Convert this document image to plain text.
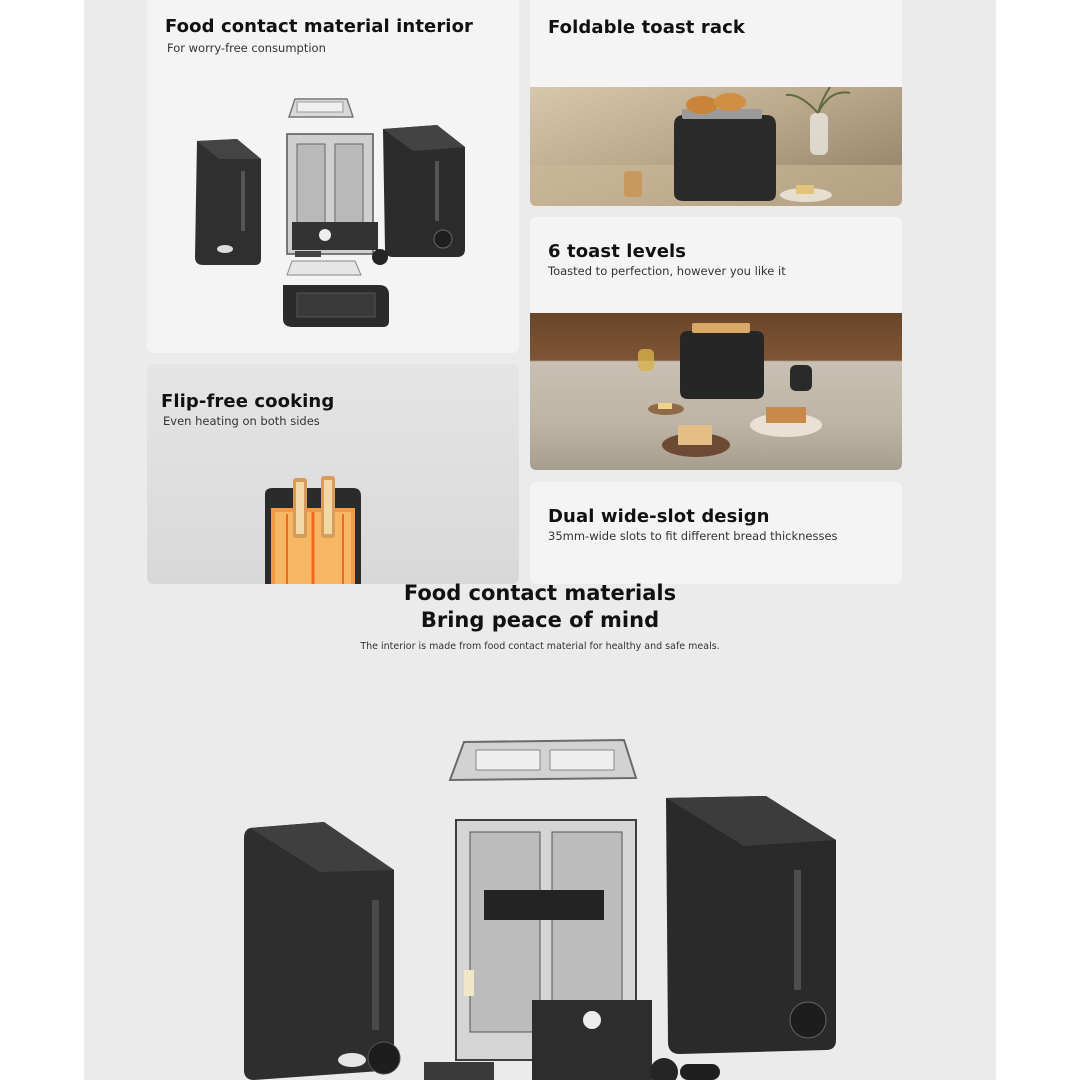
Food contact material interior

For worry-free consumption

Foldable toast rack
6 toast levels

Toasted to perfection, however you like it

Flip-free cooking

Even heating on both sides

Dual wide-slot design

35mm-wide slots to fit different bread thicknesses

Food contact materials
Bring peace of mind
The interior is made from food contact material for healthy and safe meals.
